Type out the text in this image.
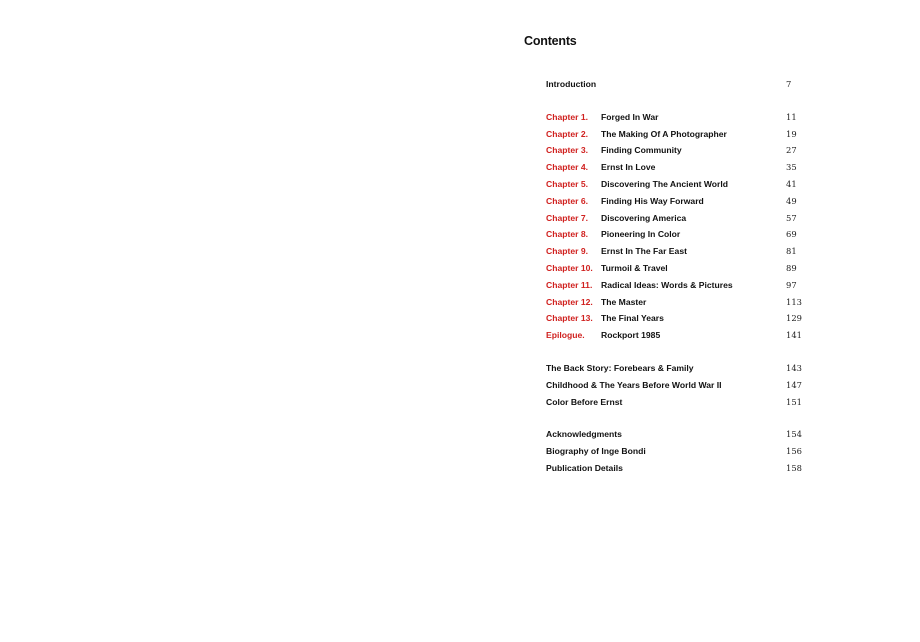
Contents
Introduction	7
Chapter 1. Forged In War	11
Chapter 2. The Making Of A Photographer	19
Chapter 3. Finding Community	27
Chapter 4. Ernst In Love	35
Chapter 5. Discovering The Ancient World	41
Chapter 6. Finding His Way Forward	49
Chapter 7. Discovering America	57
Chapter 8. Pioneering In Color	69
Chapter 9. Ernst In The Far East	81
Chapter 10. Turmoil & Travel	89
Chapter 11. Radical Ideas: Words & Pictures	97
Chapter 12. The Master	113
Chapter 13. The Final Years	129
Epilogue. Rockport 1985	141
The Back Story: Forebears & Family	143
Childhood & The Years Before World War II	147
Color Before Ernst	151
Acknowledgments	154
Biography of Inge Bondi	156
Publication Details	158
